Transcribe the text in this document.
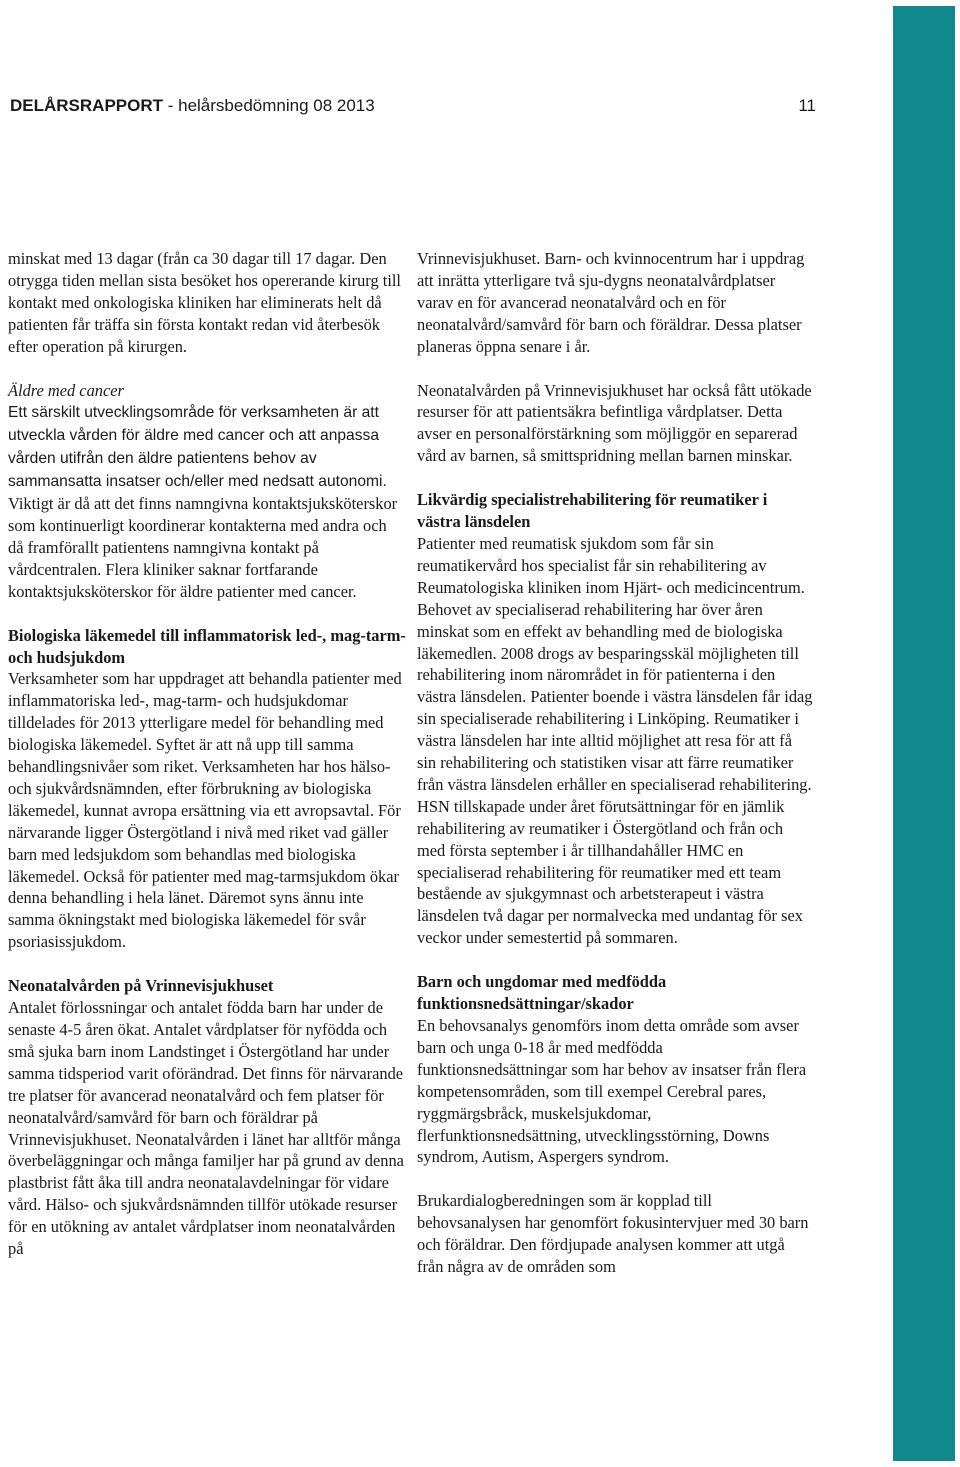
DELÅRSRAPPORT - helårsbedömning 08 2013	11

minskat med 13 dagar (från ca 30 dagar till 17 dagar. Den otrygga tiden mellan sista besöket hos opererande kirurg till kontakt med onkologiska kliniken har eliminerats helt då patienten får träffa sin första kontakt redan vid återbesök efter operation på kirurgen.

Äldre med cancer
Ett särskilt utvecklingsområde för verksamheten är att utveckla vården för äldre med cancer och att anpassa vården utifrån den äldre patientens behov av sammansatta insatser och/eller med nedsatt autonomi. Viktigt är då att det finns namngivna kontaktsjuksköterskor som kontinuerligt koordinerar kontakterna med andra och då framförallt patientens namngivna kontakt på vårdcentralen. Flera kliniker saknar fortfarande kontaktsjuksköterskor för äldre patienter med cancer.

Biologiska läkemedel till inflammatorisk led-, mag-tarm- och hudsjukdom
Verksamheter som har uppdraget att behandla patienter med inflammatoriska led-, mag-tarm- och hudsjukdomar tilldelades för 2013 ytterligare medel för behandling med biologiska läkemedel. Syftet är att nå upp till samma behandlingsnivåer som riket. Verksamheten har hos hälso- och sjukvårdsnämnden, efter förbrukning av biologiska läkemedel, kunnat avropa ersättning via ett avropsavtal. För närvarande ligger Östergötland i nivå med riket vad gäller barn med ledsjukdom som behandlas med biologiska läkemedel. Också för patienter med mag-tarmsjukdom ökar denna behandling i hela länet. Däremot syns ännu inte samma ökningstakt med biologiska läkemedel för svår psoriasissjukdom.

Neonatalvården på Vrinnevisjukhuset
Antalet förlossningar och antalet födda barn har under de senaste 4-5 åren ökat. Antalet vårdplatser för nyfödda och små sjuka barn inom Landstinget i Östergötland har under samma tidsperiod varit oförändrad. Det finns för närvarande tre platser för avancerad neonatalvård och fem platser för neonatalvård/samvård för barn och föräldrar på Vrinnevisjukhuset. Neonatalvården i länet har alltför många överbeläggningar och många familjer har på grund av denna plastbrist fått åka till andra neonatalavdelningar för vidare vård. Hälso- och sjukvårdsnämnden tillför utökade resurser för en utökning av antalet vårdplatser inom neonatalvården på

Vrinnevisjukhuset. Barn- och kvinnocentrum har i uppdrag att inrätta ytterligare två sju-dygns neonatalvårdplatser varav en för avancerad neonatalvård och en för neonatalvård/samvård för barn och föräldrar. Dessa platser planeras öppna senare i år.

Neonatalvården på Vrinnevisjukhuset har också fått utökade resurser för att patientsäkra befintliga vårdplatser. Detta avser en personalförstärkning som möjliggör en separerad vård av barnen, så smittspridning mellan barnen minskar.

Likvärdig specialistrehabilitering för reumatiker i västra länsdelen
Patienter med reumatisk sjukdom som får sin reumatikervård hos specialist får sin rehabilitering av Reumatologiska kliniken inom Hjärt- och medicincentrum. Behovet av specialiserad rehabilitering har över åren minskat som en effekt av behandling med de biologiska läkemedlen. 2008 drogs av besparingsskäl möjligheten till rehabilitering inom närområdet in för patienterna i den västra länsdelen. Patienter boende i västra länsdelen får idag sin specialiserade rehabilitering i Linköping. Reumatiker i västra länsdelen har inte alltid möjlighet att resa för att få sin rehabilitering och statistiken visar att färre reumatiker från västra länsdelen erhåller en specialiserad rehabilitering. HSN tillskapade under året förutsättningar för en jämlik rehabilitering av reumatiker i Östergötland och från och med första september i år tillhandahåller HMC en specialiserad rehabilitering för reumatiker med ett team bestående av sjukgymnast och arbetsterapeut i västra länsdelen två dagar per normalvecka med undantag för sex veckor under semestertid på sommaren.

Barn och ungdomar med medfödda funktionsnedsättningar/skador
En behovsanalys genomförs inom detta område som avser barn och unga 0-18 år med medfödda funktionsnedsättningar som har behov av insatser från flera kompetensområden, som till exempel Cerebral pares, ryggmärgsbråck, muskelsjukdomar, flerfunktionsnedsättning, utvecklingsstörning, Downs syndrom, Autism, Aspergers syndrom.

Brukardialogberedningen som är kopplad till behovsanalysen har genomfört fokusintervjuer med 30 barn och föräldrar. Den fördjupade analysen kommer att utgå från några av de områden som
